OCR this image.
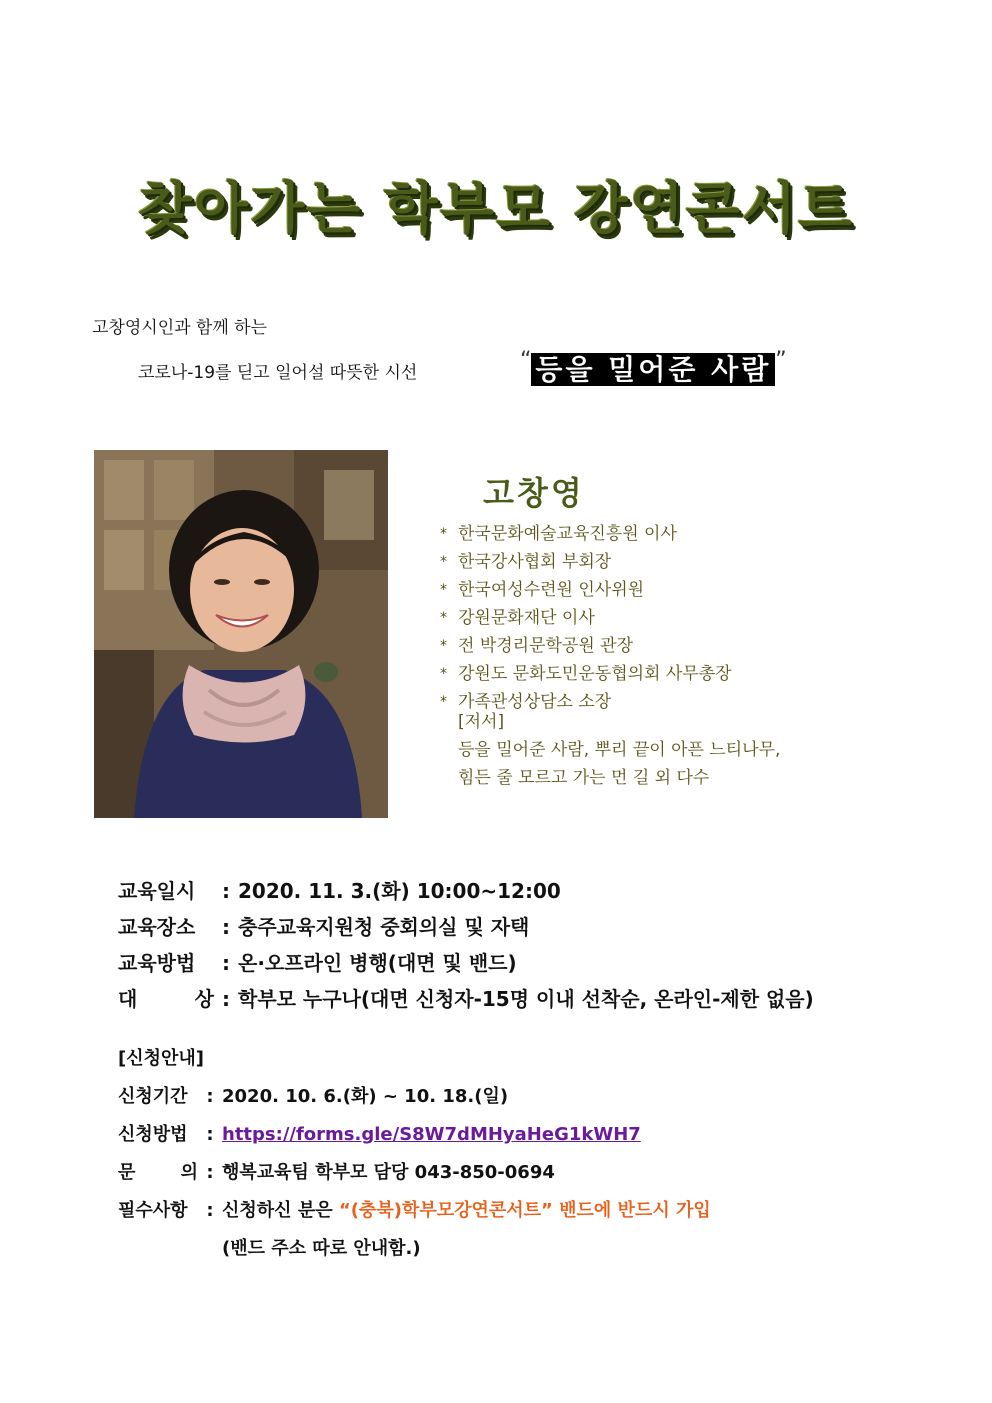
찾아가는 학부모 강연콘서트
고창영시인과 함께 하는
코로나-19를 딛고 일어설 따뜻한 시선	“ 등을 밀어준 사람 ”
고창영
* 한국문화예술교육진흥원 이사
* 한국강사협회 부회장
* 한국여성수련원 인사위원
* 강원문화재단 이사
* 전 박경리문학공원 관장
* 강원도 문화도민운동협의회 사무총장
* 가족관성상담소 소장
[저서]
등을 밀어준 사람, 뿌리 끝이 아픈 느티나무,
힘든 줄 모르고 가는 먼 길 외 다수
교육일시 : 2020. 11. 3.(화) 10:00~12:00
교육장소 : 충주교육지원청 중회의실 및 자택
교육방법 : 온·오프라인 병행(대면 및 밴드)
대 상 : 학부모 누구나(대면 신청자-15명 이내 선착순, 온라인-제한 없음)
[신청안내]
신청기간 : 2020. 10. 6.(화) ~ 10. 18.(일)
신청방법 : https://forms.gle/S8W7dMHyaHeG1kWH7
문 의 : 행복교육팀 학부모 담당 043-850-0694
필수사항 : 신청하신 분은 “(충북)학부모강연콘서트” 밴드에 반드시 가입
(밴드 주소 따로 안내함.)
